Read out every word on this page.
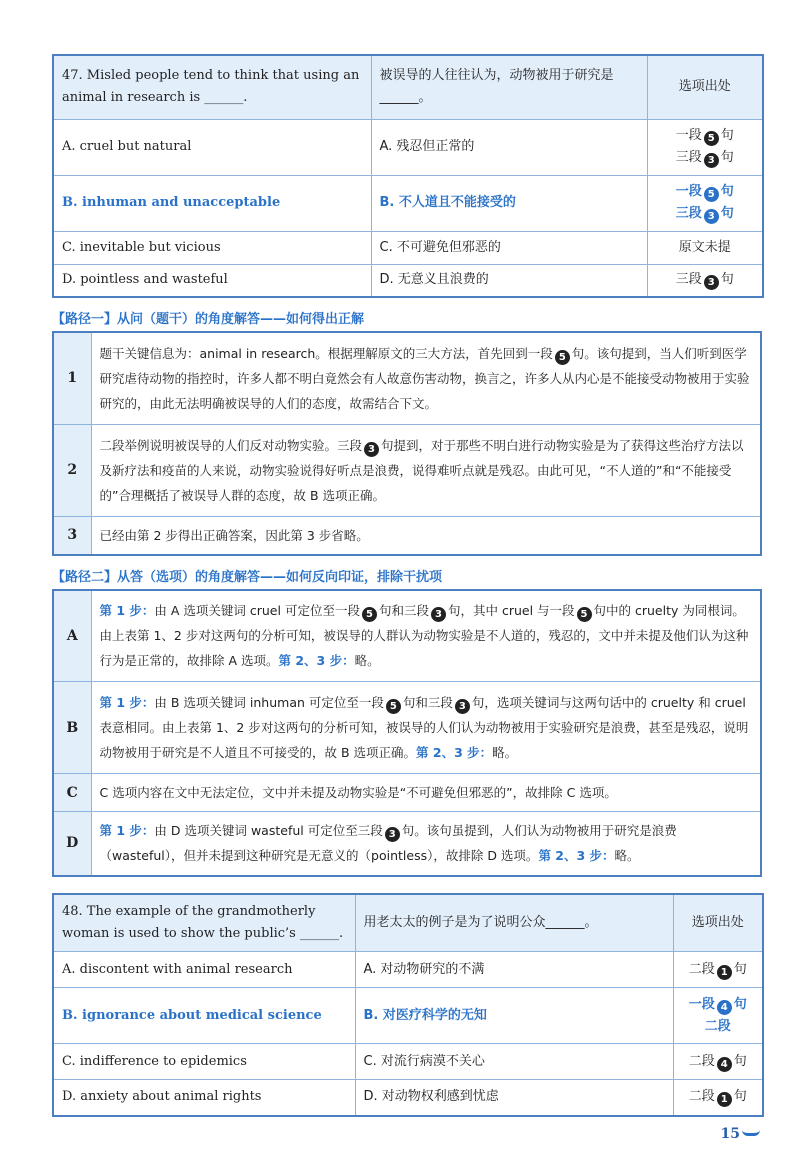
47. Misled people tend to think that using an animal in research is ______.	被误导的人往往认为，动物被用于研究是______。	选项出处
A. cruel but natural	A. 残忍但正常的	一段 5 句
三段 3 句

B. inhuman and unacceptable	B. 不人道且不能接受的	一段 5 句
三段 3 句

C. inevitable but vicious	C. 不可避免但邪恶的	原文未提
D. pointless and wasteful	D. 无意义且浪费的	三段 3 句
【路径一】从问（题干）的角度解答——如何得出正解
1	题干关键信息为：animal in research。根据理解原文的三大方法，首先回到一段 5 句。该句提到，当人们听到医学研究虐待动物的指控时，许多人都不明白竟然会有人故意伤害动物，换言之，许多人从内心是不能接受动物被用于实验研究的，由此无法明确被误导的人们的态度，故需结合下文。
2	二段举例说明被误导的人们反对动物实验。三段 3 句提到，对于那些不明白进行动物实验是为了获得这些治疗方法以及新疗法和疫苗的人来说，动物实验说得好听点是浪费，说得难听点就是残忍。由此可见，“不人道的”和“不能接受的”合理概括了被误导人群的态度，故 B 选项正确。
3	已经由第 2 步得出正确答案，因此第 3 步省略。
【路径二】从答（选项）的角度解答——如何反向印证，排除干扰项
A	第 1 步：由 A 选项关键词 cruel 可定位至一段 5 句和三段 3 句，其中 cruel 与一段 5 句中的 cruelty 为同根词。由上表第 1、2 步对这两句的分析可知，被误导的人群认为动物实验是不人道的，残忍的，文中并未提及他们认为这种行为是正常的，故排除 A 选项。第 2、3 步：略。
B	第 1 步：由 B 选项关键词 inhuman 可定位至一段 5 句和三段 3 句，选项关键词与这两句话中的 cruelty 和 cruel 表意相同。由上表第 1、2 步对这两句的分析可知，被误导的人们认为动物被用于实验研究是浪费，甚至是残忍，说明动物被用于研究是不人道且不可接受的，故 B 选项正确。第 2、3 步：略。
C	C 选项内容在文中无法定位，文中并未提及动物实验是“不可避免但邪恶的”，故排除 C 选项。
D	第 1 步：由 D 选项关键词 wasteful 可定位至三段 3 句。该句虽提到，人们认为动物被用于研究是浪费（wasteful），但并未提到这种研究是无意义的（pointless），故排除 D 选项。第 2、3 步：略。
48. The example of the grandmotherly woman is used to show the public’s ______.	用老太太的例子是为了说明公众______。	选项出处
A. discontent with animal research	A. 对动物研究的不满	二段 1 句
B. ignorance about medical science	B. 对医疗科学的无知	一段 4 句
二段

C. indifference to epidemics	C. 对流行病漠不关心	二段 4 句
D. anxiety about animal rights	D. 对动物权利感到忧虑	二段 1 句
15
